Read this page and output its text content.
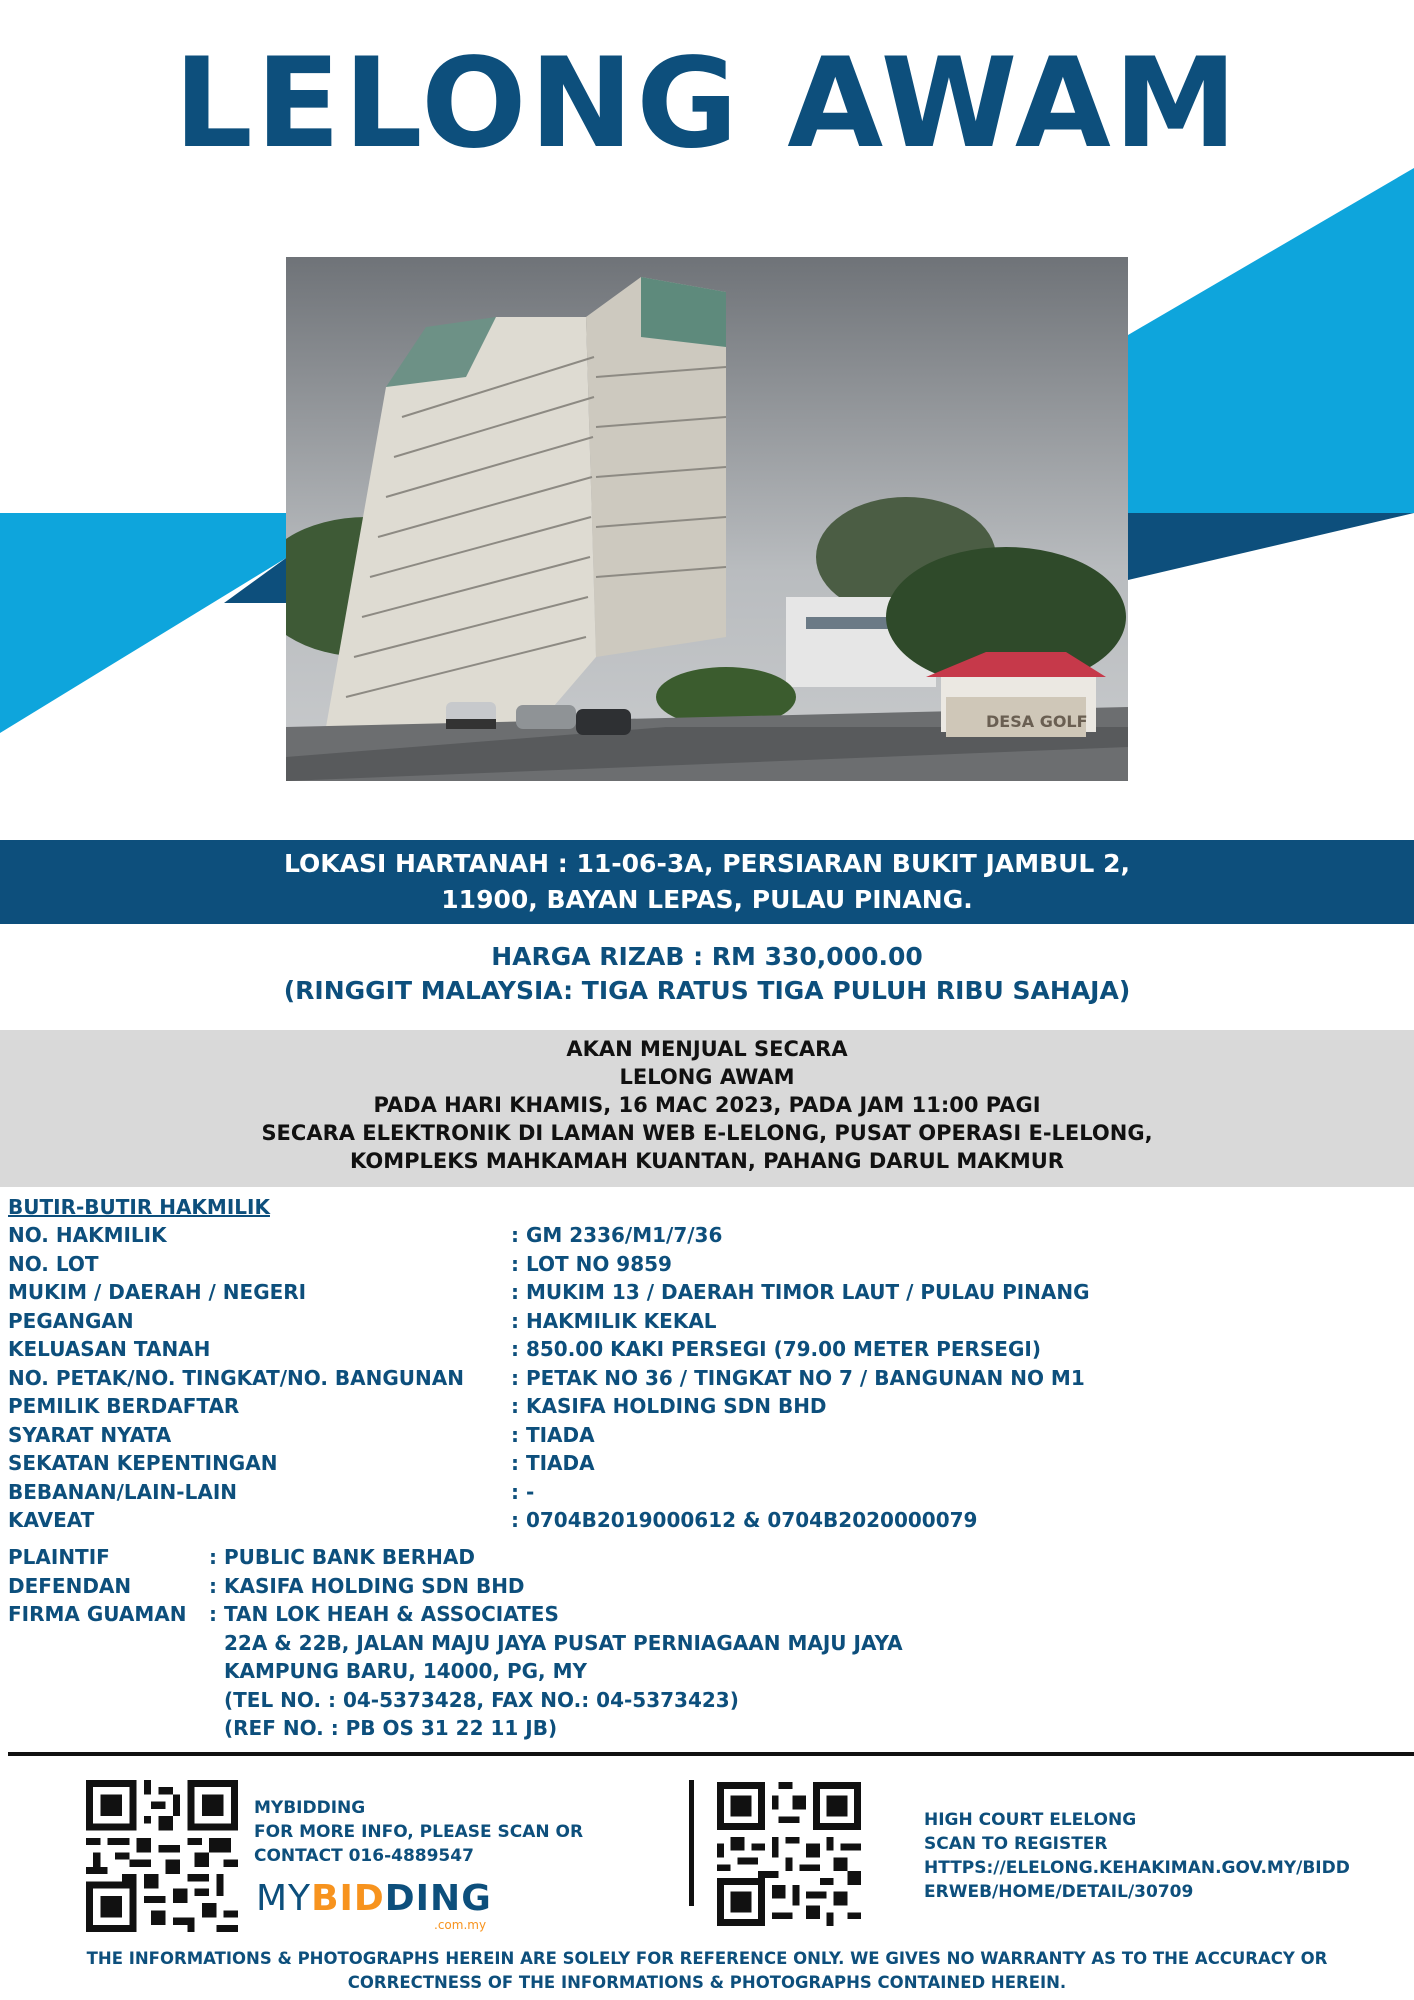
LELONG AWAM
DESA GOLF
LOKASI HARTANAH : 11-06-3A, PERSIARAN BUKIT JAMBUL 2,
11900, BAYAN LEPAS, PULAU PINANG.
HARGA RIZAB : RM 330,000.00
(RINGGIT MALAYSIA: TIGA RATUS TIGA PULUH RIBU SAHAJA)
AKAN MENJUAL SECARA
LELONG AWAM
PADA HARI KHAMIS, 16 MAC 2023, PADA JAM 11:00 PAGI
SECARA ELEKTRONIK DI LAMAN WEB E-LELONG, PUSAT OPERASI E-LELONG,
KOMPLEKS MAHKAMAH KUANTAN, PAHANG DARUL MAKMUR
BUTIR-BUTIR HAKMILIK
NO. HAKMILIK	: GM 2336/M1/7/36
NO. LOT	: LOT NO 9859
MUKIM / DAERAH / NEGERI	: MUKIM 13 / DAERAH TIMOR LAUT / PULAU PINANG
PEGANGAN	: HAKMILIK KEKAL
KELUASAN TANAH	: 850.00 KAKI PERSEGI (79.00 METER PERSEGI)
NO. PETAK/NO. TINGKAT/NO. BANGUNAN : PETAK NO 36 / TINGKAT NO 7 / BANGUNAN NO M1
PEMILIK BERDAFTAR	: KASIFA HOLDING SDN BHD
SYARAT NYATA	: TIADA
SEKATAN KEPENTINGAN	: TIADA
BEBANAN/LAIN-LAIN	: -
KAVEAT	: 0704B2019000612 & 0704B2020000079
PLAINTIF	: PUBLIC BANK BERHAD
DEFENDAN	: KASIFA HOLDING SDN BHD
FIRMA GUAMAN : TAN LOK HEAH & ASSOCIATES
22A & 22B, JALAN MAJU JAYA PUSAT PERNIAGAAN MAJU JAYA
KAMPUNG BARU, 14000, PG, MY
(TEL NO. : 04-5373428, FAX NO.: 04-5373423)
(REF NO. : PB OS 31 22 11 JB)
MYBIDDING
FOR MORE INFO, PLEASE SCAN OR
CONTACT 016-4889547
MYBIDDING
.com.my
HIGH COURT ELELONG
SCAN TO REGISTER
HTTPS://ELELONG.KEHAKIMAN.GOV.MY/BIDD
ERWEB/HOME/DETAIL/30709
THE INFORMATIONS & PHOTOGRAPHS HEREIN ARE SOLELY FOR REFERENCE ONLY. WE GIVES NO WARRANTY AS TO THE ACCURACY OR
CORRECTNESS OF THE INFORMATIONS & PHOTOGRAPHS CONTAINED HEREIN.
